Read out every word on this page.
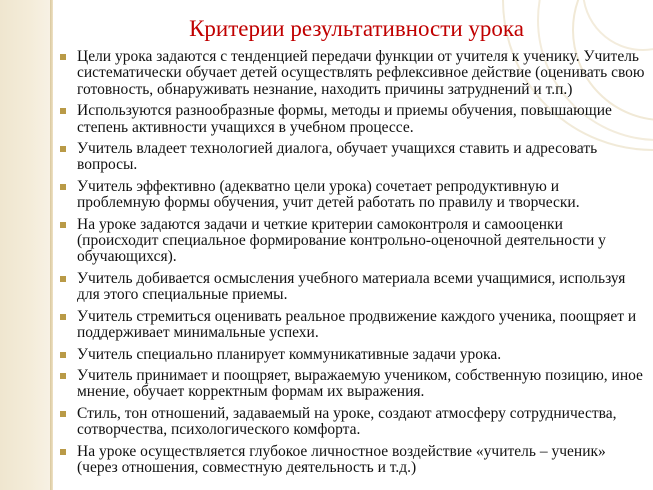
Критерии результативности урока
Цели урока задаются с тенденцией передачи функции от учителя к ученику. Учитель систематически обучает детей осуществлять рефлексивное действие (оценивать свою готовность, обнаруживать незнание, находить причины затруднений и т.п.)
Используются разнообразные формы, методы и приемы обучения, повышающие степень активности учащихся в учебном процессе.
Учитель владеет технологией диалога, обучает учащихся ставить и адресовать вопросы.
Учитель эффективно (адекватно цели урока) сочетает репродуктивную и проблемную формы обучения, учит детей работать по правилу и творчески.
На уроке задаются задачи и четкие критерии самоконтроля и самооценки (происходит специальное формирование контрольно-оценочной деятельности у обучающихся).
Учитель добивается осмысления учебного материала всеми учащимися, используя для этого специальные приемы.
Учитель стремиться оценивать реальное продвижение каждого ученика, поощряет и поддерживает минимальные успехи.
Учитель специально планирует коммуникативные задачи урока.
Учитель принимает и поощряет, выражаемую учеником, собственную позицию, иное мнение, обучает корректным формам их выражения.
Стиль, тон отношений, задаваемый на уроке, создают атмосферу сотрудничества, сотворчества, психологического комфорта.
На уроке осуществляется глубокое личностное воздействие «учитель – ученик» (через отношения, совместную деятельность и т.д.)
